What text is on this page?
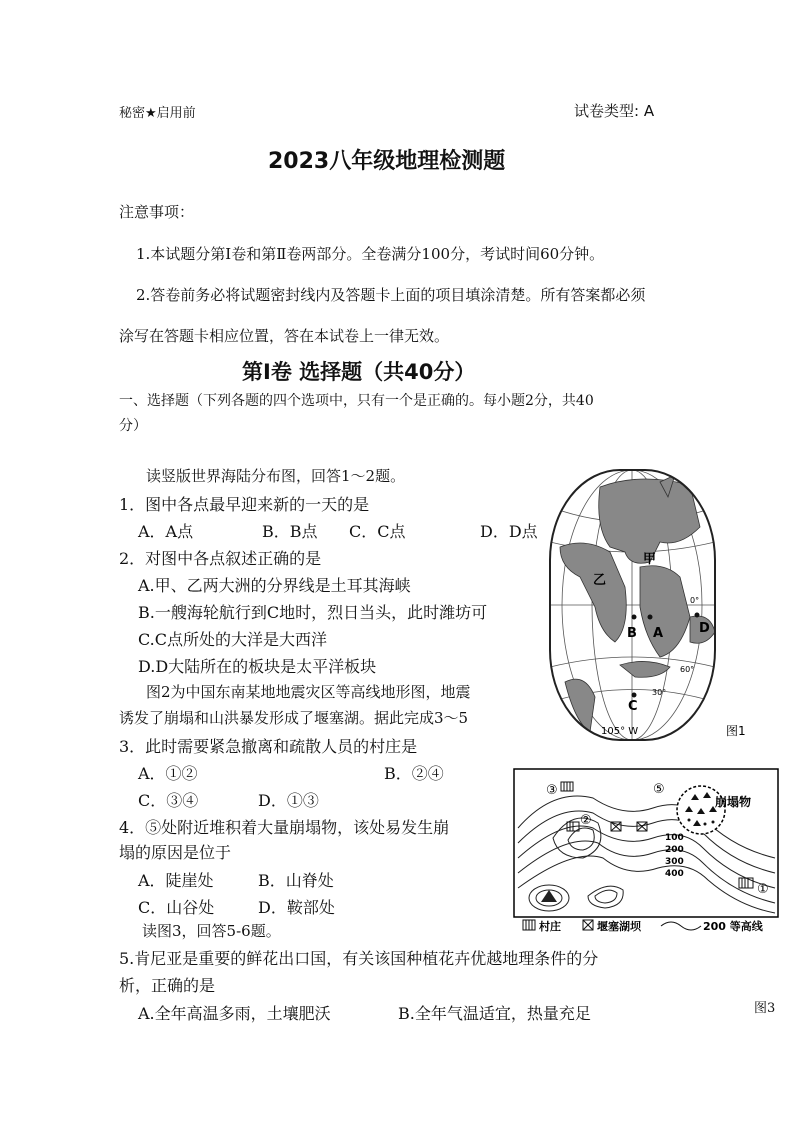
秘密★启用前	试卷类型: A
2023八年级地理检测题
注意事项：
1.本试题分第Ⅰ卷和第Ⅱ卷两部分。全卷满分100分，考试时间60分钟。
2.答卷前务必将试题密封线内及答题卡上面的项目填涂清楚。所有答案都必须
涂写在答题卡相应位置，答在本试卷上一律无效。
第Ⅰ卷 选择题（共40分）
一、选择题（下列各题的四个选项中，只有一个是正确的。每小题2分，共40
分）
读竖版世界海陆分布图，回答1～2题。
1．图中各点最早迎来新的一天的是
A．A点	B．B点 C．C点	D．D点
2．对图中各点叙述正确的是
A.甲、乙两大洲的分界线是土耳其海峡
B.一艘海轮航行到C地时，烈日当头，此时潍坊可
C.C点所处的大洋是大西洋
D.D大陆所在的板块是太平洋板块
图2为中国东南某地地震灾区等高线地形图，地震
诱发了崩塌和山洪暴发形成了堰塞湖。据此完成3～5
甲
乙
B A
C
D
0°
30°
60°
105° W	图1
3．此时需要紧急撤离和疏散人员的村庄是
A．①②	B．②④
C．③④	D．①③
4．⑤处附近堆积着大量崩塌物，该处易发生崩
塌的原因是位于
A．陡崖处	B．山脊处
C．山谷处	D．鞍部处
读图3，回答5-6题。
崩塌物
⑤
③
②
①
100
200
300
400
村庄	堰塞湖坝	200 等高线
5.肯尼亚是重要的鲜花出口国，有关该国种植花卉优越地理条件的分
析，正确的是
A.全年高温多雨，土壤肥沃	B.全年气温适宜，热量充足	图3
